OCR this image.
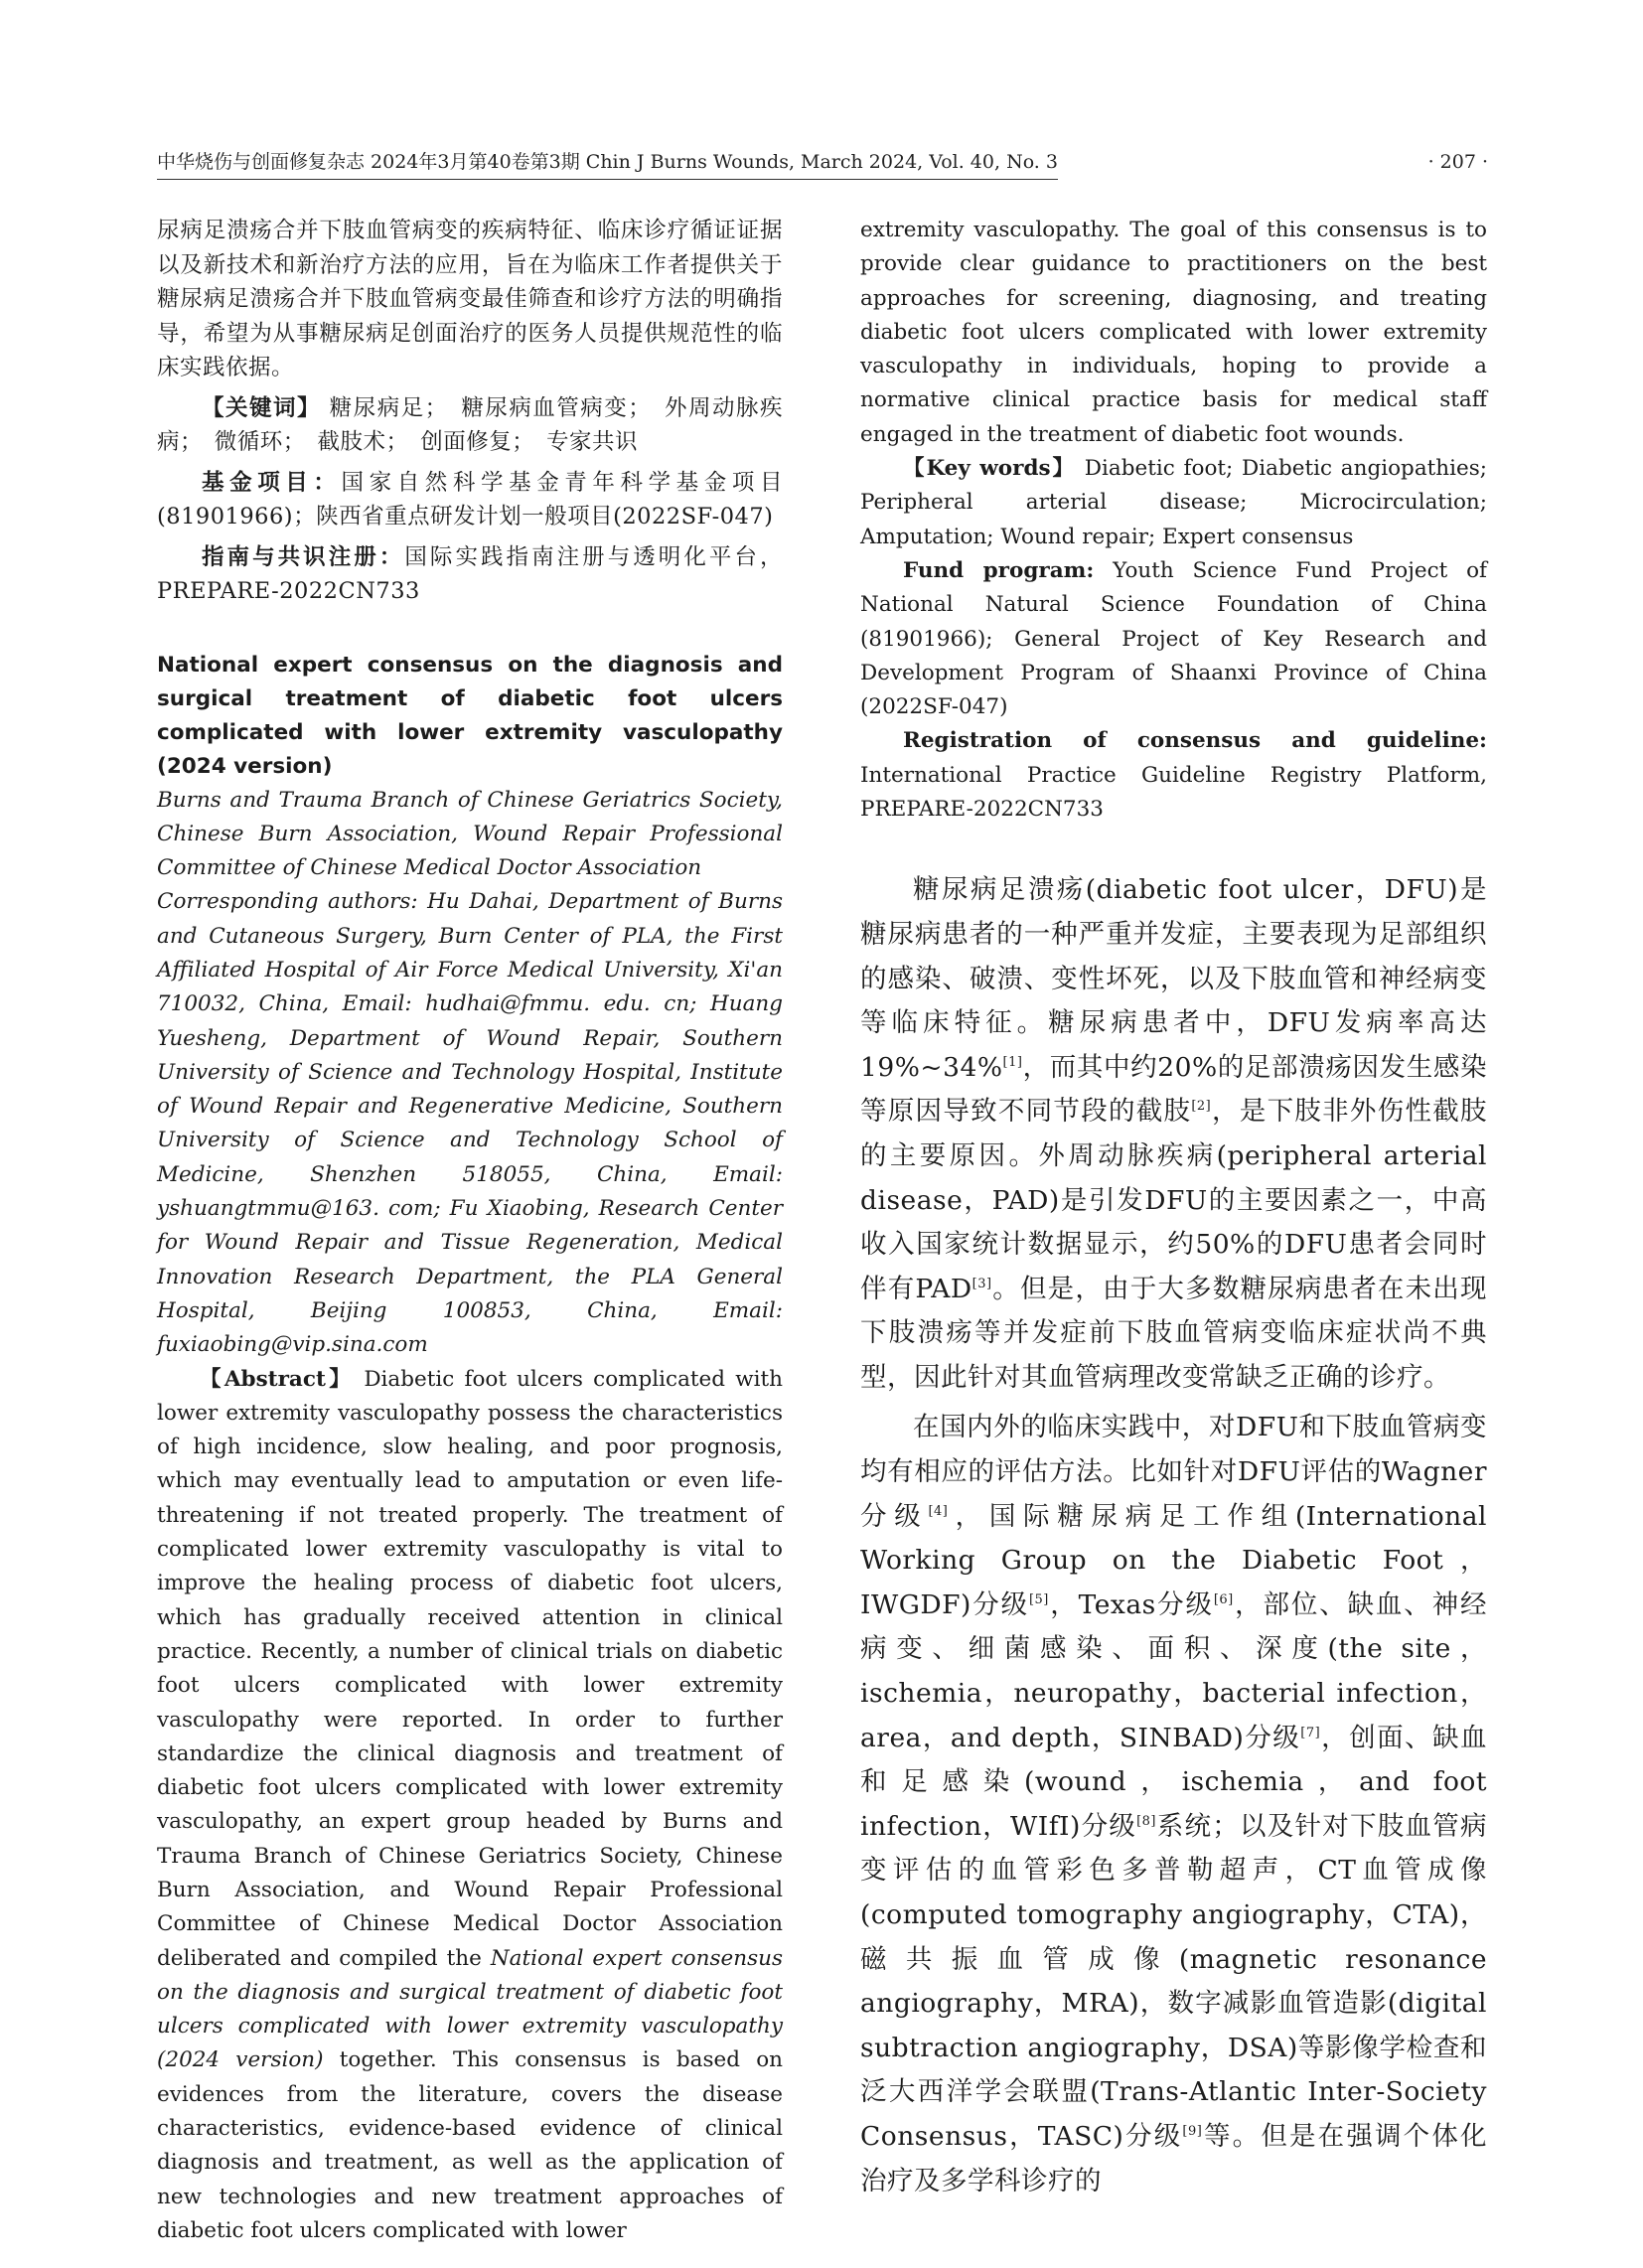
中华烧伤与创面修复杂志 2024年3月第40卷第3期 Chin J Burns Wounds, March 2024, Vol. 40, No. 3	· 207 ·

尿病足溃疡合并下肢血管病变的疾病特征、临床诊疗循证证据以及新技术和新治疗方法的应用，旨在为临床工作者提供关于糖尿病足溃疡合并下肢血管病变最佳筛查和诊疗方法的明确指导，希望为从事糖尿病足创面治疗的医务人员提供规范性的临床实践依据。

【关键词】 糖尿病足；　糖尿病血管病变；　外周动脉疾病；　微循环；　截肢术；　创面修复；　专家共识

基金项目：国家自然科学基金青年科学基金项目(81901966)；陕西省重点研发计划一般项目(2022SF-047)

指南与共识注册：国际实践指南注册与透明化平台，PREPARE-2022CN733

National expert consensus on the diagnosis and surgical treatment of diabetic foot ulcers complicated with lower extremity vasculopathy (2024 version)

Burns and Trauma Branch of Chinese Geriatrics Society, Chinese Burn Association, Wound Repair Professional Committee of Chinese Medical Doctor Association

Corresponding authors: Hu Dahai, Department of Burns and Cutaneous Surgery, Burn Center of PLA, the First Affiliated Hospital of Air Force Medical University, Xi'an 710032, China, Email: hudhai@fmmu. edu. cn; Huang Yuesheng, Department of Wound Repair, Southern University of Science and Technology Hospital, Institute of Wound Repair and Regenerative Medicine, Southern University of Science and Technology School of Medicine, Shenzhen 518055, China, Email: yshuangtmmu@163. com; Fu Xiaobing, Research Center for Wound Repair and Tissue Regeneration, Medical Innovation Research Department, the PLA General Hospital, Beijing 100853, China, Email: fuxiaobing@vip.sina.com

【Abstract】 Diabetic foot ulcers complicated with lower extremity vasculopathy possess the characteristics of high incidence, slow healing, and poor prognosis, which may eventually lead to amputation or even life-threatening if not treated properly. The treatment of complicated lower extremity vasculopathy is vital to improve the healing process of diabetic foot ulcers, which has gradually received attention in clinical practice. Recently, a number of clinical trials on diabetic foot ulcers complicated with lower extremity vasculopathy were reported. In order to further standardize the clinical diagnosis and treatment of diabetic foot ulcers complicated with lower extremity vasculopathy, an expert group headed by Burns and Trauma Branch of Chinese Geriatrics Society, Chinese Burn Association, and Wound Repair Professional Committee of Chinese Medical Doctor Association deliberated and compiled the National expert consensus on the diagnosis and surgical treatment of diabetic foot ulcers complicated with lower extremity vasculopathy (2024 version) together. This consensus is based on evidences from the literature, covers the disease characteristics, evidence-based evidence of clinical diagnosis and treatment, as well as the application of new technologies and new treatment approaches of diabetic foot ulcers complicated with lower

extremity vasculopathy. The goal of this consensus is to provide clear guidance to practitioners on the best approaches for screening, diagnosing, and treating diabetic foot ulcers complicated with lower extremity vasculopathy in individuals, hoping to provide a normative clinical practice basis for medical staff engaged in the treatment of diabetic foot wounds.

【Key words】 Diabetic foot; Diabetic angiopathies; Peripheral arterial disease; Microcirculation; Amputation; Wound repair; Expert consensus

Fund program: Youth Science Fund Project of National Natural Science Foundation of China (81901966); General Project of Key Research and Development Program of Shaanxi Province of China (2022SF-047)

Registration of consensus and guideline: International Practice Guideline Registry Platform, PREPARE-2022CN733

糖尿病足溃疡(diabetic foot ulcer，DFU)是糖尿病患者的一种严重并发症，主要表现为足部组织的感染、破溃、变性坏死，以及下肢血管和神经病变等临床特征。糖尿病患者中，DFU发病率高达19%~34%[1]，而其中约20%的足部溃疡因发生感染等原因导致不同节段的截肢[2]，是下肢非外伤性截肢的主要原因。外周动脉疾病(peripheral arterial disease，PAD)是引发DFU的主要因素之一，中高收入国家统计数据显示，约50%的DFU患者会同时伴有PAD[3]。但是，由于大多数糖尿病患者在未出现下肢溃疡等并发症前下肢血管病变临床症状尚不典型，因此针对其血管病理改变常缺乏正确的诊疗。

在国内外的临床实践中，对DFU和下肢血管病变均有相应的评估方法。比如针对DFU评估的Wagner分级[4]，国际糖尿病足工作组(International Working Group on the Diabetic Foot，IWGDF)分级[5]，Texas分级[6]，部位、缺血、神经病变、细菌感染、面积、深度(the site，ischemia，neuropathy，bacterial infection，area，and depth，SINBAD)分级[7]，创面、缺血和足感染(wound，ischemia，and foot infection，WIfI)分级[8]系统；以及针对下肢血管病变评估的血管彩色多普勒超声，CT血管成像(computed tomography angiography，CTA)，磁共振血管成像(magnetic resonance angiography，MRA)，数字减影血管造影(digital subtraction angiography，DSA)等影像学检查和泛大西洋学会联盟(Trans-Atlantic Inter-Society Consensus，TASC)分级[9]等。但是在强调个体化治疗及多学科诊疗的
